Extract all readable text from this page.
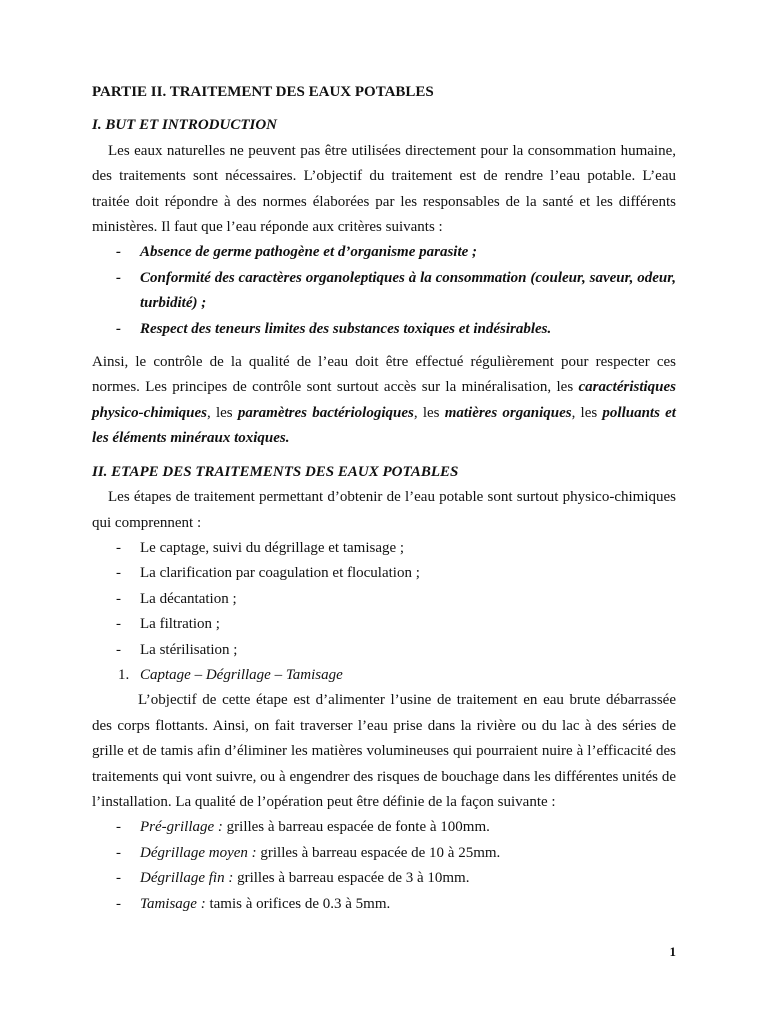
PARTIE II. TRAITEMENT DES EAUX POTABLES
I. BUT ET INTRODUCTION

Les eaux naturelles ne peuvent pas être utilisées directement pour la consommation humaine, des traitements sont nécessaires. L’objectif du traitement est de rendre l’eau potable. L’eau traitée doit répondre à des normes élaborées par les responsables de la santé et les différents ministères. Il faut que l’eau réponde aux critères suivants :

- Absence de germe pathogène et d’organisme parasite ;
- Conformité des caractères organoleptiques à la consommation (couleur, saveur, odeur, turbidité) ;
- Respect des teneurs limites des substances toxiques et indésirables.

Ainsi, le contrôle de la qualité de l’eau doit être effectué régulièrement pour respecter ces normes. Les principes de contrôle sont surtout accès sur la minéralisation, les caractéristiques physico-chimiques, les paramètres bactériologiques, les matières organiques, les polluants et les éléments minéraux toxiques.

II. ETAPE DES TRAITEMENTS DES EAUX POTABLES

Les étapes de traitement permettant d’obtenir de l’eau potable sont surtout physico-chimiques qui comprennent :

- Le captage, suivi du dégrillage et tamisage ;
- La clarification par coagulation et floculation ;
- La décantation ;
- La filtration ;
- La stérilisation ;
1. Captage – Dégrillage – Tamisage

L’objectif de cette étape est d’alimenter l’usine de traitement en eau brute débarrassée des corps flottants. Ainsi, on fait traverser l’eau prise dans la rivière ou du lac à des séries de grille et de tamis afin d’éliminer les matières volumineuses qui pourraient nuire à l’efficacité des traitements qui vont suivre, ou à engendrer des risques de bouchage dans les différentes unités de l’installation. La qualité de l’opération peut être définie de la façon suivante :

- Pré-grillage : grilles à barreau espacée de fonte à 100mm.
- Dégrillage moyen : grilles à barreau espacée de 10 à 25mm.
- Dégrillage fin : grilles à barreau espacée de 3 à 10mm.
- Tamisage : tamis à orifices de 0.3 à 5mm.
1
